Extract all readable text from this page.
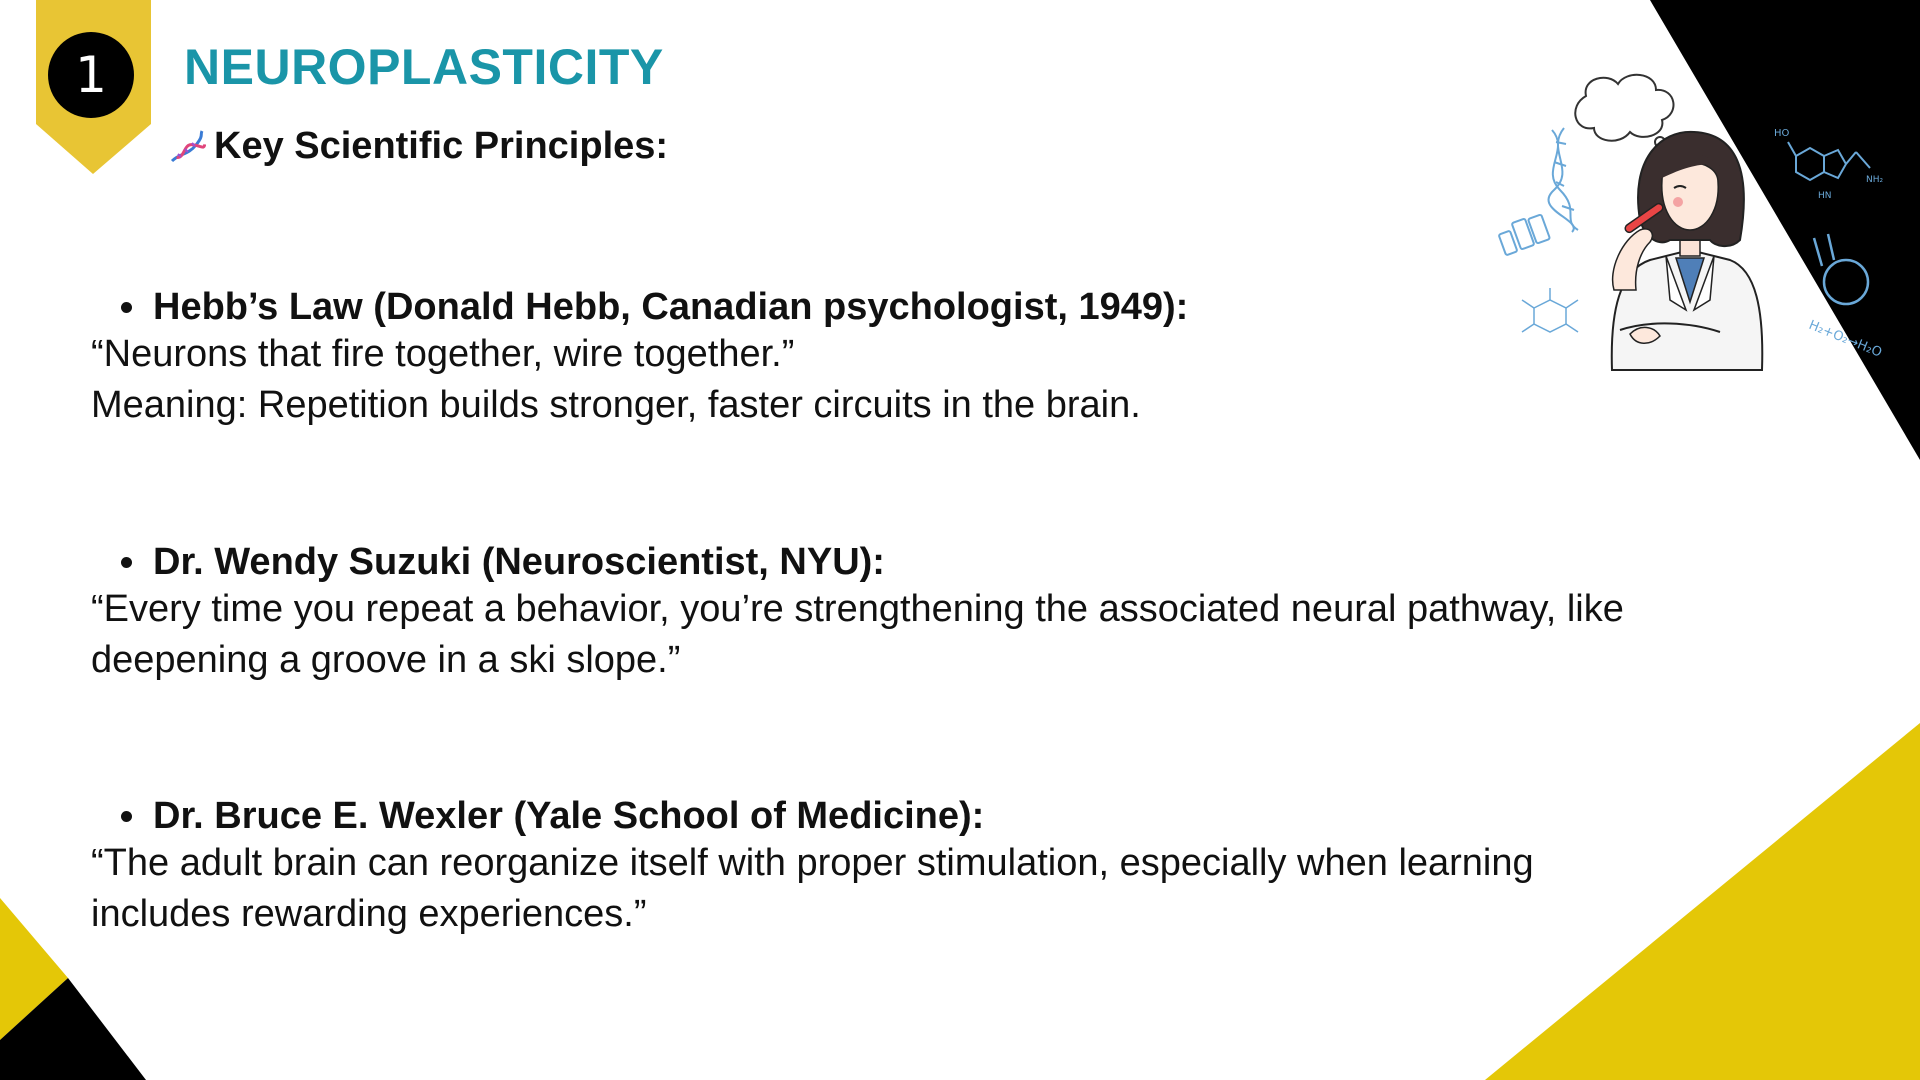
1 NEUROPLASTICITY
Key Scientific Principles:
Hebb’s Law (Donald Hebb, Canadian psychologist, 1949):

“Neurons that fire together, wire together.”

Meaning: Repetition builds stronger, faster circuits in the brain.

Dr. Wendy Suzuki (Neuroscientist, NYU):

“Every time you repeat a behavior, you’re strengthening the associated neural pathway, like

deepening a groove in a ski slope.”

Dr. Bruce E. Wexler (Yale School of Medicine):

“The adult brain can reorganize itself with proper stimulation, especially when learning

includes rewarding experiences.”

HO
NH₂
HN
H₂+O₂→H₂O
